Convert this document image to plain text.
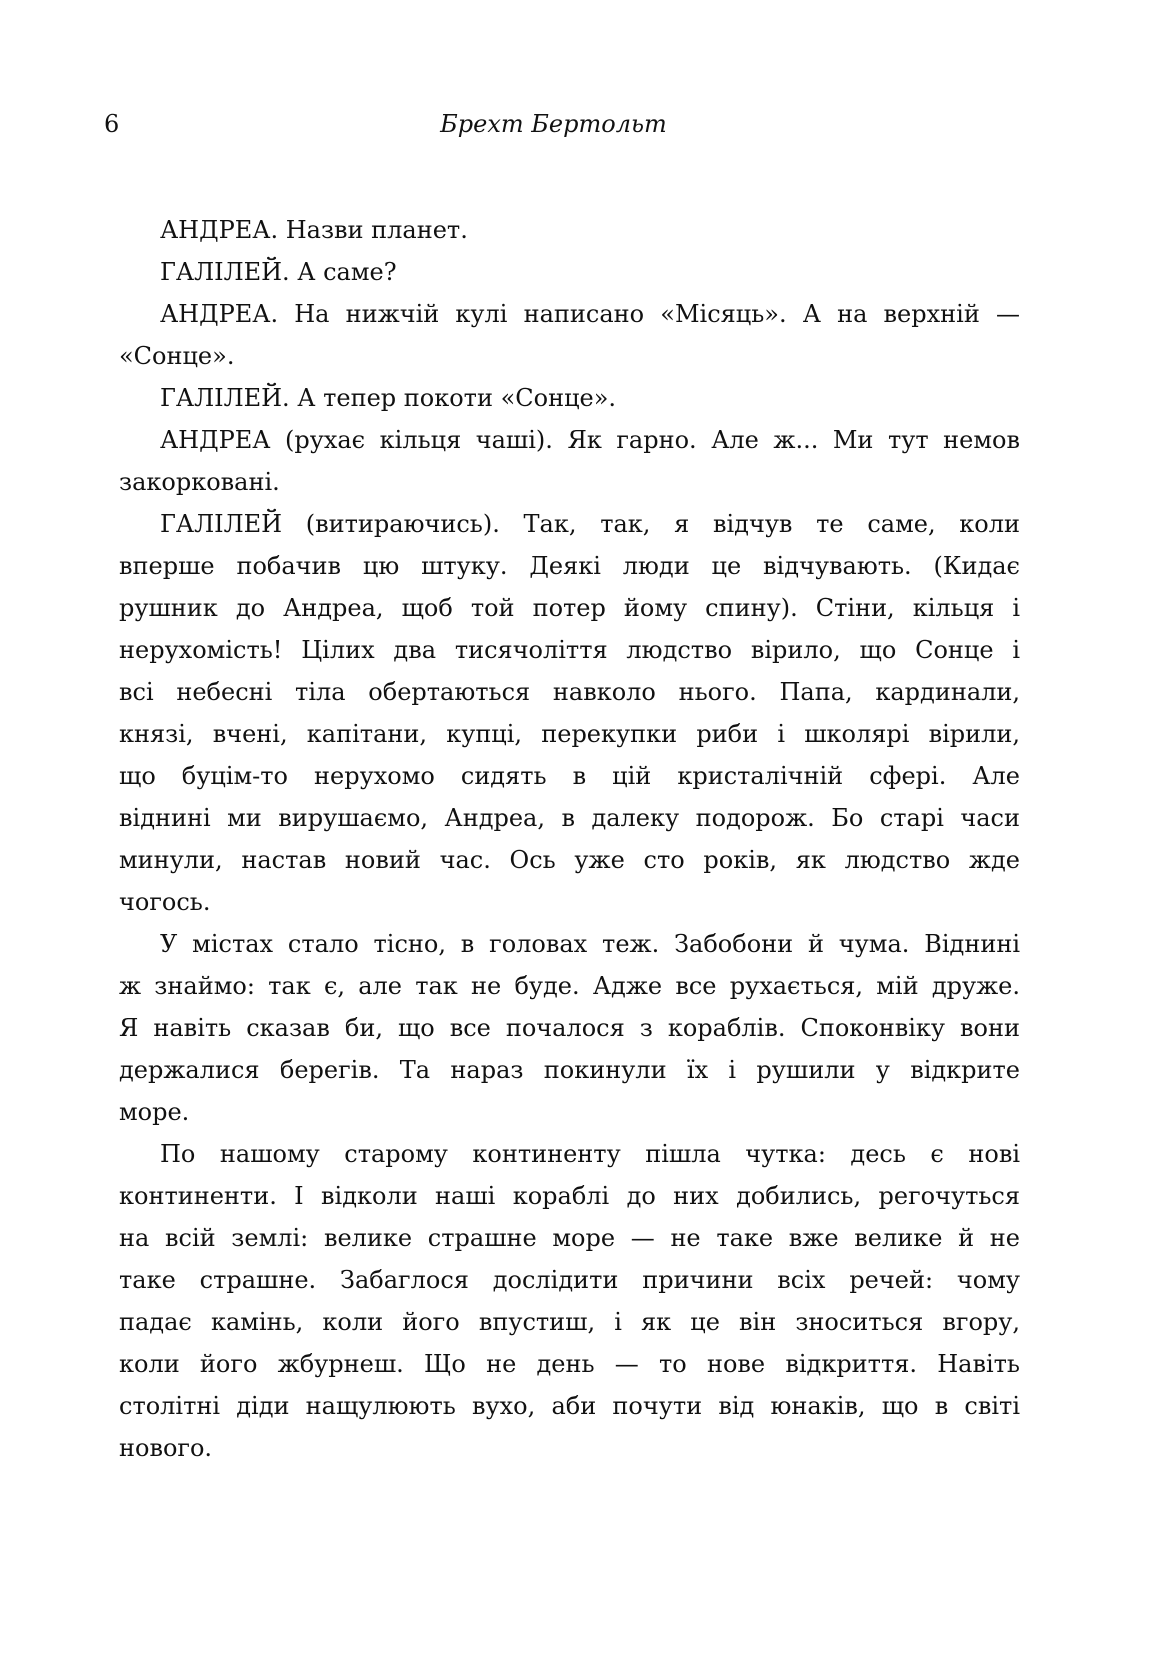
6	Брехт Бертольт
АНДРЕА. Назви планет.
ГАЛІЛЕЙ. А саме?
АНДРЕА. На нижчій кулі написано «Місяць». А на верхній —
«Сонце».
ГАЛІЛЕЙ. А тепер покоти «Сонце».
АНДРЕА (рухає кільця чаші). Як гарно. Але ж... Ми тут немов
закорковані.
ГАЛІЛЕЙ (витираючись). Так, так, я відчув те саме, коли
вперше побачив цю штуку. Деякі люди це відчувають. (Кидає
рушник до Андреа, щоб той потер йому спину). Стіни, кільця і
нерухомість! Цілих два тисячоліття людство вірило, що Сонце і
всі небесні тіла обертаються навколо нього. Папа, кардинали,
князі, вчені, капітани, купці, перекупки риби і школярі вірили,
що буцім-то нерухомо сидять в цій кристалічній сфері. Але
віднині ми вирушаємо, Андреа, в далеку подорож. Бо старі часи
минули, настав новий час. Ось уже сто років, як людство жде
чогось.
У містах стало тісно, в головах теж. Забобони й чума. Віднині
ж знаймо: так є, але так не буде. Адже все рухається, мій друже.
Я навіть сказав би, що все почалося з кораблів. Споконвіку вони
держалися берегів. Та нараз покинули їх і рушили у відкрите
море.
По нашому старому континенту пішла чутка: десь є нові
континенти. І відколи наші кораблі до них добились, регочуться
на всій землі: велике страшне море — не таке вже велике й не
таке страшне. Забаглося дослідити причини всіх речей: чому
падає камінь, коли його впустиш, і як це він зноситься вгору,
коли його жбурнеш. Що не день — то нове відкриття. Навіть
столітні діди нащулюють вухо, аби почути від юнаків, що в світі
нового.
